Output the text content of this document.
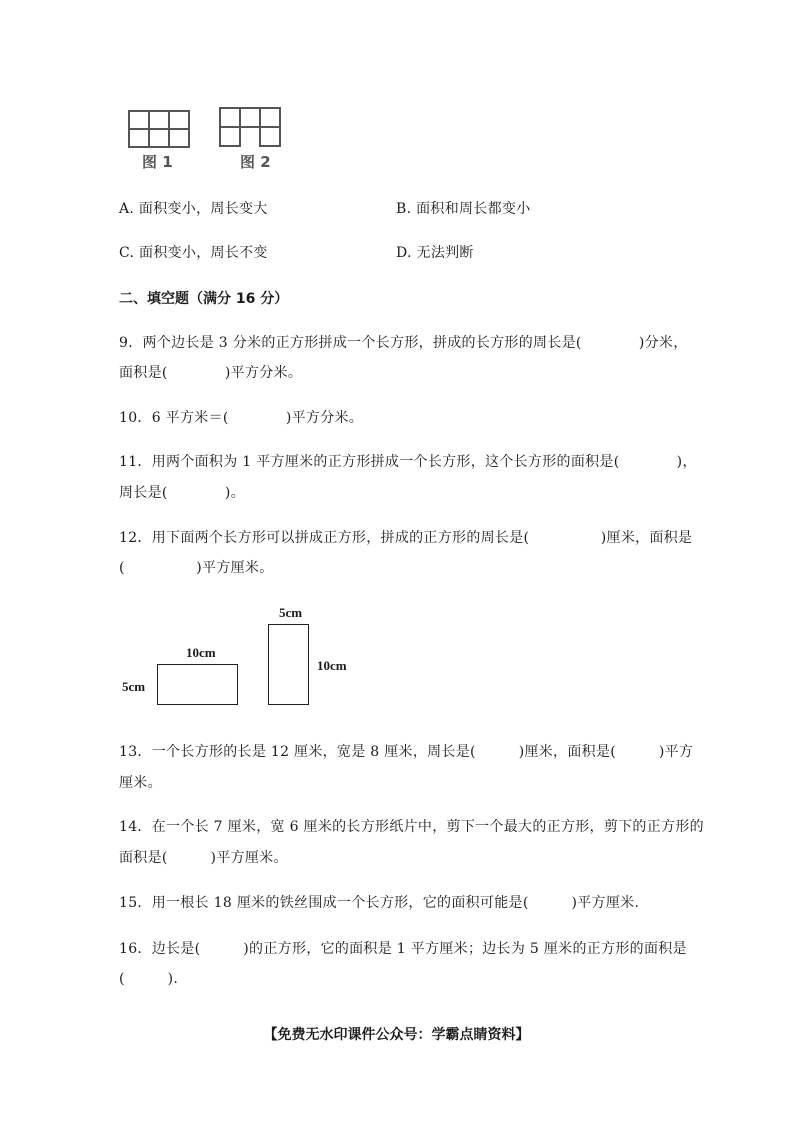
图 1	图 2
A. 面积变小，周长变大	B. 面积和周长都变小
C. 面积变小，周长不变	D. 无法判断
二、填空题（满分 16 分）
9．两个边长是 3 分米的正方形拼成一个长方形，拼成的长方形的周长是(　　　　)分米，
面积是(　　　　)平方分米。
10．6 平方米＝(　　　　)平方分米。
11．用两个面积为 1 平方厘米的正方形拼成一个长方形，这个长方形的面积是(　　　　)，
周长是(　　　　)。
12．用下面两个长方形可以拼成正方形，拼成的正方形的周长是(　　　　　)厘米，面积是
(　　　　　)平方厘米。
10cm
5cm
5cm
10cm
13．一个长方形的长是 12 厘米，宽是 8 厘米，周长是(　　　)厘米，面积是(　　　)平方
厘米。
14．在一个长 7 厘米，宽 6 厘米的长方形纸片中，剪下一个最大的正方形，剪下的正方形的
面积是(　　　)平方厘米。
15．用一根长 18 厘米的铁丝围成一个长方形，它的面积可能是(　　　)平方厘米.
16．边长是(　　　)的正方形，它的面积是 1 平方厘米；边长为 5 厘米的正方形的面积是
(　　　).
【免费无水印课件公众号：学霸点睛资料】
